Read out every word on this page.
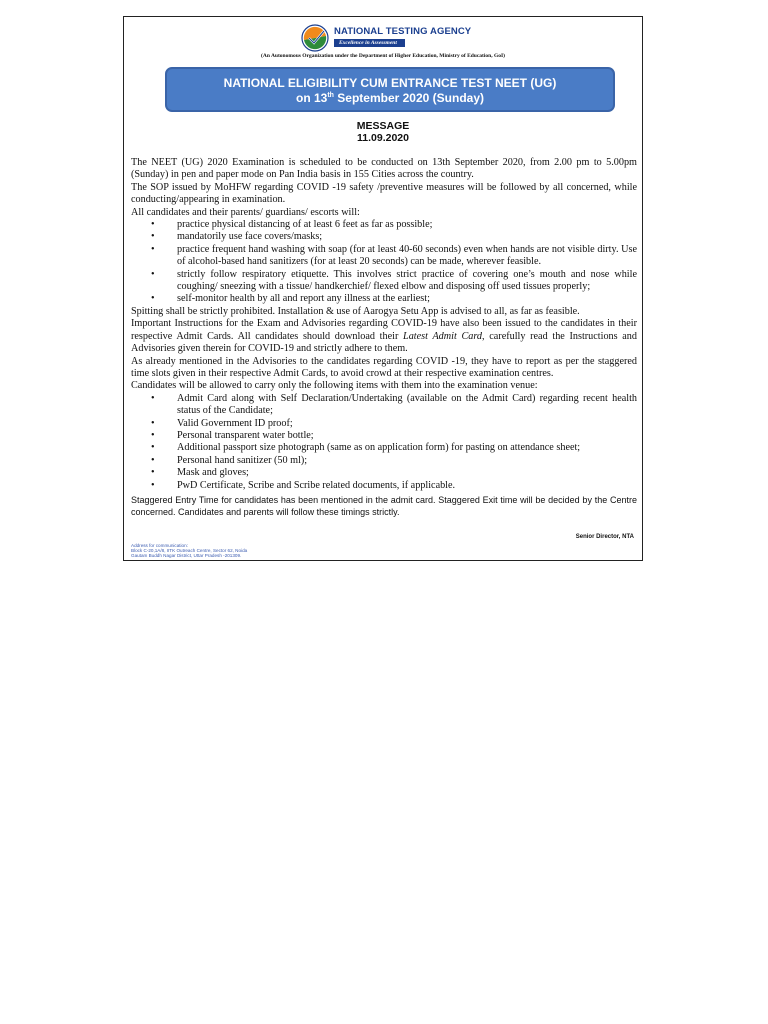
NATIONAL TESTING AGENCY
Excellence in Assessment
(An Autonomous Organization under the Department of Higher Education, Ministry of Education, GoI)
NATIONAL ELIGIBILITY CUM ENTRANCE TEST NEET (UG)
on 13th September 2020 (Sunday)
MESSAGE
11.09.2020

The NEET (UG) 2020 Examination is scheduled to be conducted on 13th September 2020, from 2.00 pm to 5.00pm (Sunday) in pen and paper mode on Pan India basis in 155 Cities across the country.

The SOP issued by MoHFW regarding COVID -19 safety /preventive measures will be followed by all concerned, while conducting/appearing in examination.

All candidates and their parents/ guardians/ escorts will:

• practice physical distancing of at least 6 feet as far as possible;
• mandatorily use face covers/masks;
• practice frequent hand washing with soap (for at least 40-60 seconds) even when hands are not visible dirty. Use of alcohol-based hand sanitizers (for at least 20 seconds) can be made, wherever feasible.
• strictly follow respiratory etiquette. This involves strict practice of covering one’s mouth and nose while coughing/ sneezing with a tissue/ handkerchief/ flexed elbow and disposing off used tissues properly;
• self-monitor health by all and report any illness at the earliest;

Spitting shall be strictly prohibited. Installation & use of Aarogya Setu App is advised to all, as far as feasible.

Important Instructions for the Exam and Advisories regarding COVID-19 have also been issued to the candidates in their respective Admit Cards. All candidates should download their Latest Admit Card, carefully read the Instructions and Advisories given therein for COVID-19 and strictly adhere to them.

As already mentioned in the Advisories to the candidates regarding COVID -19, they have to report as per the staggered time slots given in their respective Admit Cards, to avoid crowd at their respective examination centres.

Candidates will be allowed to carry only the following items with them into the examination venue:

• Admit Card along with Self Declaration/Undertaking (available on the Admit Card) regarding recent health status of the Candidate;
• Valid Government ID proof;
• Personal transparent water bottle;
• Additional passport size photograph (same as on application form) for pasting on attendance sheet;
• Personal hand sanitizer (50 ml);
• Mask and gloves;
• PwD Certificate, Scribe and Scribe related documents, if applicable.

Staggered Entry Time for candidates has been mentioned in the admit card. Staggered Exit time will be decided by the Centre concerned. Candidates and parents will follow these timings strictly.

Senior Director, NTA
Address for communication:
Block C-20,1A/8, IITK Outreach Centre, Sector 62, Noida
Gautam Buddh Nagar District, Uttar Pradesh -201309.
